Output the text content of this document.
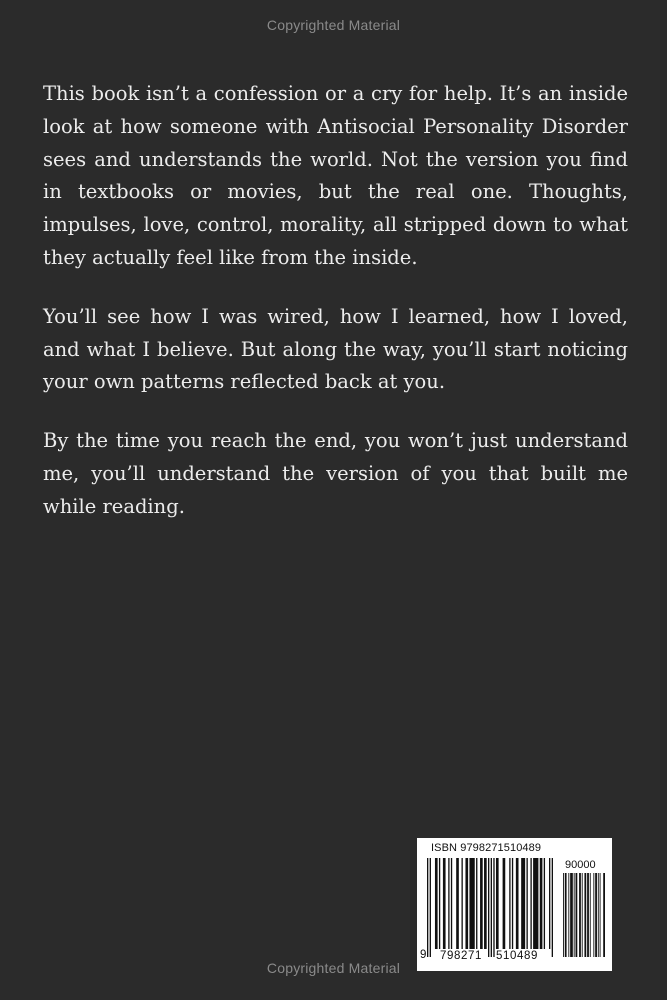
Copyrighted Material

This book isn’t a confession or a cry for help. It’s an inside look at how someone with Antisocial Personality Disorder sees and understands the world. Not the version you find in textbooks or movies, but the real one. Thoughts, impulses, love, control, morality, all stripped down to what they actually feel like from the inside.

You’ll see how I was wired, how I learned, how I loved, and what I believe. But along the way, you’ll start noticing your own patterns reflected back at you.

By the time you reach the end, you won’t just understand me, you’ll understand the version of you that built me while reading.

ISBN 9798271510489
90000
9 798271 510489
Copyrighted Material
